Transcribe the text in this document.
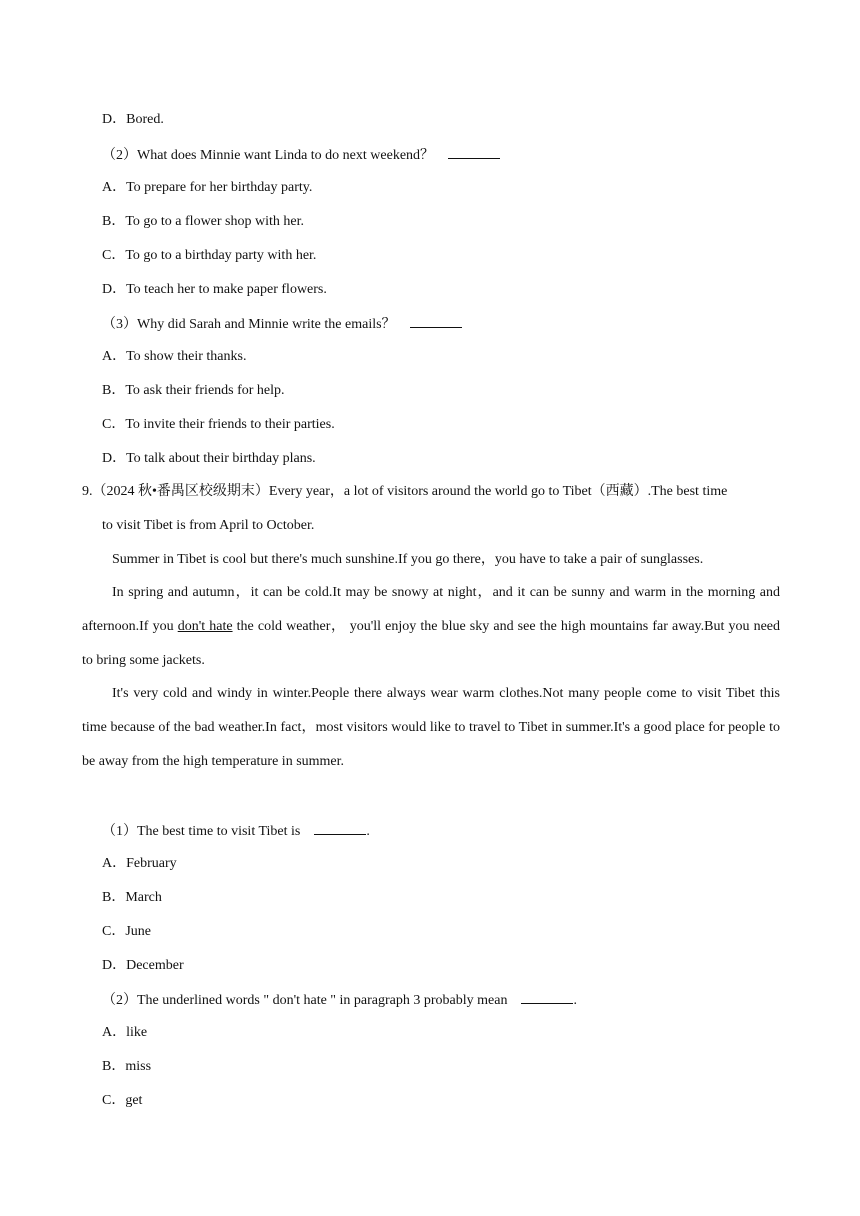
D．Bored.
（2）What does Minnie want Linda to do next weekend？
A．To prepare for her birthday party.
B．To go to a flower shop with her.
C．To go to a birthday party with her.
D．To teach her to make paper flowers.
（3）Why did Sarah and Minnie write the emails？
A．To show their thanks.
B．To ask their friends for help.
C．To invite their friends to their parties.
D．To talk about their birthday plans.
9.（2024 秋•番禺区校级期末）Every year，a lot of visitors around the world go to Tibet（西藏）.The best time
to visit Tibet is from April to October.
Summer in Tibet is cool but there's much sunshine.If you go there，you have to take a pair of sunglasses.
In spring and autumn，it can be cold.It may be snowy at night，and it can be sunny and warm in the morning and afternoon.If you don't hate the cold weather， you'll enjoy the blue sky and see the high mountains far away.But you need to bring some jackets.
It's very cold and windy in winter.People there always wear warm clothes.Not many people come to visit Tibet this time because of the bad weather.In fact，most visitors would like to travel to Tibet in summer.It's a good place for people to be away from the high temperature in summer.
（1）The best time to visit Tibet is	.
A．February
B．March
C．June
D．December
（2）The underlined words " don't hate " in paragraph 3 probably mean	.
A．like
B．miss
C．get
